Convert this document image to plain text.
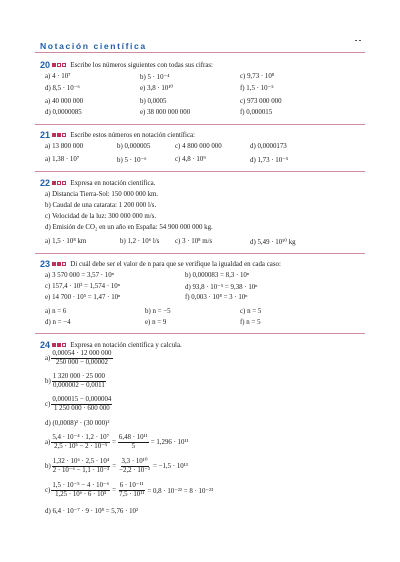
Notación científica
20	Escribe los números siguientes con todas sus cifras:
a) 4 · 10⁷	b) 5 · 10⁻⁴	c) 9,73 · 10⁸
d) 8,5 · 10⁻⁶	e) 3,8 · 10¹⁰	f) 1,5 · 10⁻⁵
a) 40 000 000	b) 0,0005	c) 973 000 000
d) 0,0000085	e) 38 000 000 000	f) 0,000015
21	Escribe estos números en notación científica:
a) 13 800 000	b) 0,000005	c) 4 800 000 000	d) 0,0000173
a) 1,38 · 10⁷	b) 5 · 10⁻⁶	c) 4,8 · 10⁹	d) 1,73 · 10⁻⁵
22	Expresa en notación científica.
a) Distancia Tierra-Sol: 150 000 000 km.
b) Caudal de una catarata: 1 200 000 l/s.
c) Velocidad de la luz: 300 000 000 m/s.
d) Emisión de CO₂ en un año en España: 54 900 000 000 kg.
a) 1,5 · 10⁸ km	b) 1,2 · 10⁶ l/s c) 3 · 10⁸ m/s	d) 5,49 · 10¹⁰ kg
23	Di cuál debe ser el valor de n para que se verifique la igualdad en cada caso:
a) 3 570 000 = 3,57 · 10ⁿ	b) 0,000083 = 8,3 · 10ⁿ
c) 157,4 · 10³ = 1,574 · 10ⁿ	d) 93,8 · 10⁻⁵ = 9,38 · 10ⁿ
e) 14 700 · 10⁵ = 1,47 · 10ⁿ	f) 0,003 · 10⁸ = 3 · 10ⁿ
a) n = 6	b) n = −5	c) n = 5
d) n = −4	e) n = 9	f) n = 5
24	Expresa en notación científica y calcula.
$a) \frac{0,00054 \cdot 12 000 000}{250 000 - 0,00002}$
$b) \frac{1 320 000 \cdot 25 000}{0,000002 - 0,0011}$
$c) \frac{0,000015 - 0,000004}{1 250 000 \cdot 600 000}$
d) (0,0008)² · (30 000)²
$a) \frac{\text{5,4 · 10⁻⁴ · 1,2 · 10⁷}}{\text{2,5 · 10⁵ − 2 · 10⁻⁵}} = \frac{\text{6,48 · 10¹¹}}{5} = 1,296 \cdot 10^{11}$
$b) \frac{\text{1,32 · 10⁶ · 2,5 · 10⁴}}{\text{2 · 10⁻⁶ − 1,1 · 10⁻³}} = \frac{\text{3,3 · 10¹⁰}}{\text{−2,2 · 10⁻³}} = -1,5 \cdot 10^{13}$
$c) \frac{\text{1,5 · 10⁻⁵ − 4 · 10⁻⁶}}{\text{1,25 · 10⁶ · 6 · 10⁵}} = \frac{\text{6 · 10⁻¹¹}}{\text{7,5 · 10¹¹}} = 0,8 \cdot 10^{-22} = 8 \cdot 10^{-23}$
d) 6,4 · 10⁻⁷ · 9 · 10⁸ = 5,76 · 10²
